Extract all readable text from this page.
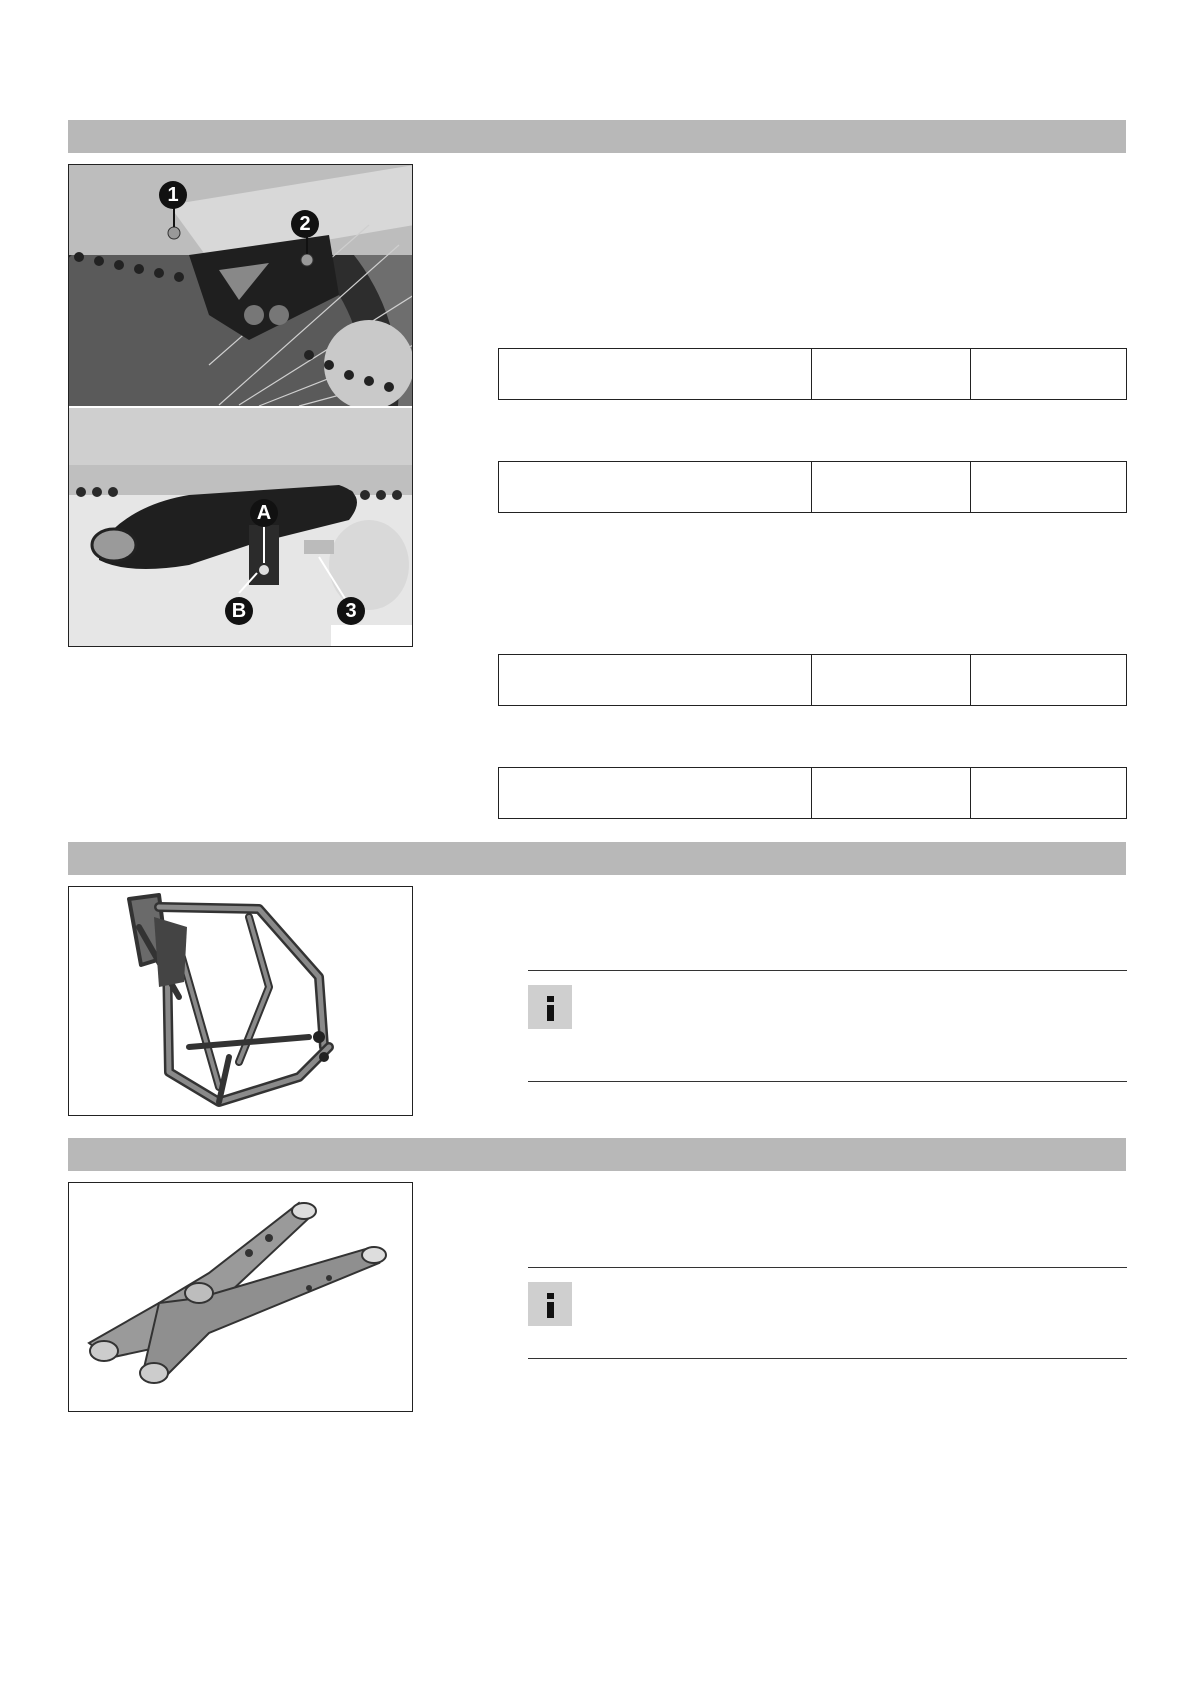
1
2
A
B	3
